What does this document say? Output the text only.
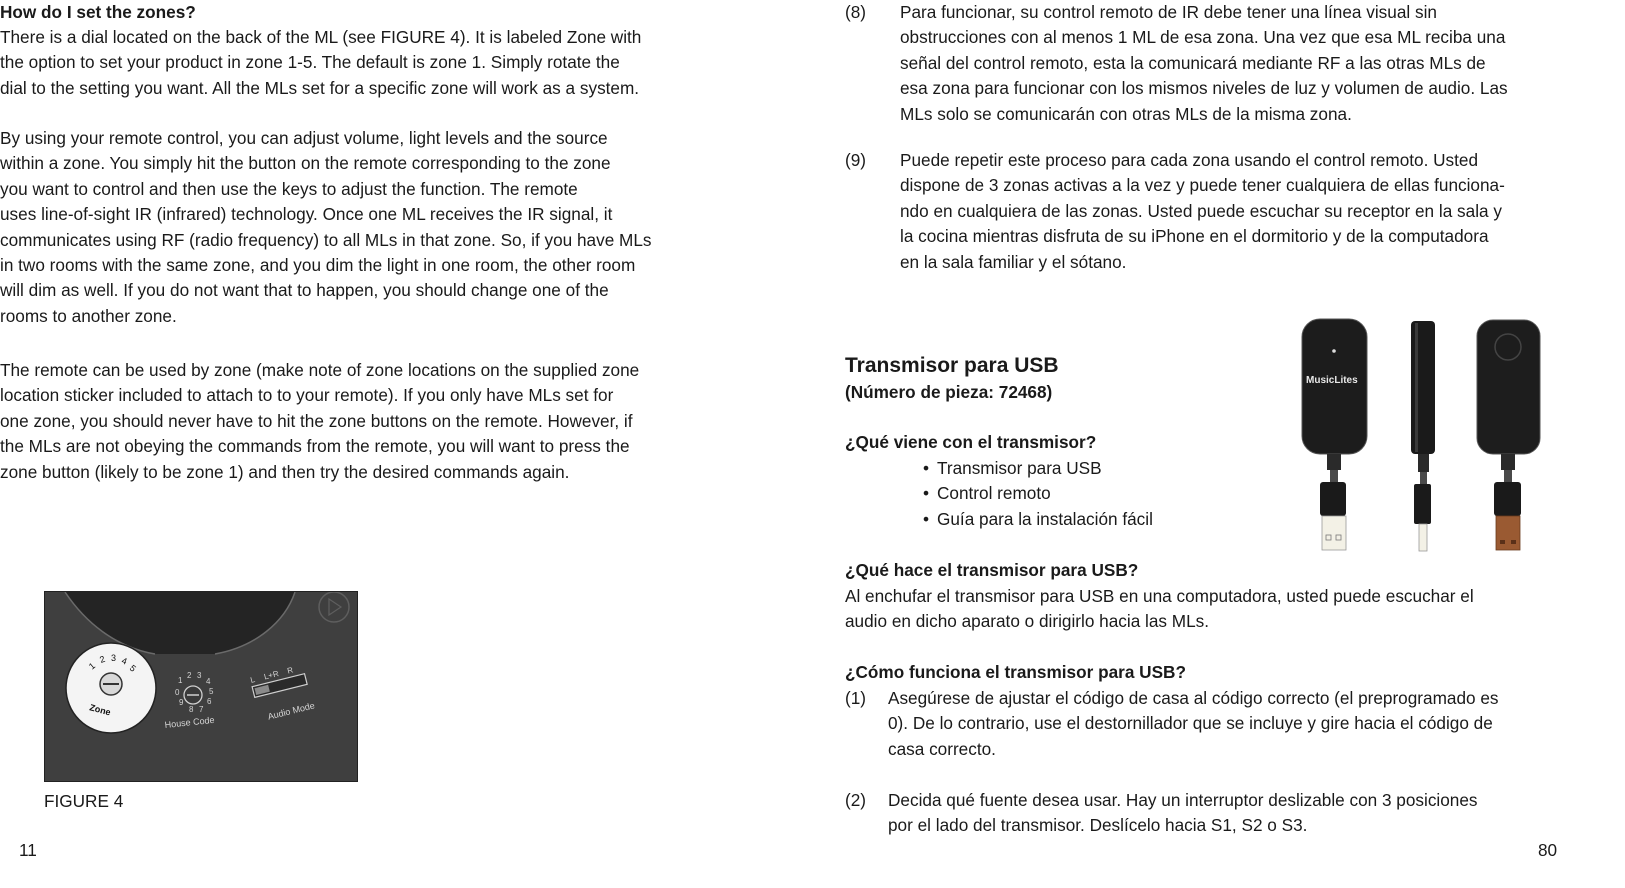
How do I set the zones?

There is a dial located on the back of the ML (see FIGURE 4). It is labeled Zone with
the option to set your product in zone 1-5. The default is zone 1. Simply rotate the
dial to the setting you want. All the MLs set for a specific zone will work as a system.
By using your remote control, you can adjust volume, light levels and the source
within a zone. You simply hit the button on the remote corresponding to the zone
you want to control and then use the keys to adjust the function. The remote
uses line-of-sight IR (infrared) technology. Once one ML receives the IR signal, it
communicates using RF (radio frequency) to all MLs in that zone. So, if you have MLs
in two rooms with the same zone, and you dim the light in one room, the other room
will dim as well. If you do not want that to happen, you should change one of the
rooms to another zone.
The remote can be used by zone (make note of zone locations on the supplied zone
location sticker included to attach to to your remote). If you only have MLs set for
one zone, you should never have to hit the zone buttons on the remote. However, if
the MLs are not obeying the commands from the remote, you will want to press the
zone button (likely to be zone 1) and then try the desired commands again.
1
2 3 4
5
Zone
1
2 3
4
5
6
7
8
9
0
House Code
L L+R R
Audio Mode

FIGURE 4

11

(8) Para funcionar, su control remoto de IR debe tener una línea visual sin
obstrucciones con al menos 1 ML de esa zona. Una vez que esa ML reciba una
señal del control remoto, esta la comunicará mediante RF a las otras MLs de
esa zona para funcionar con los mismos niveles de luz y volumen de audio. Las
MLs solo se comunicarán con otras MLs de la misma zona.

(9) Puede repetir este proceso para cada zona usando el control remoto. Usted
dispone de 3 zonas activas a la vez y puede tener cualquiera de ellas funciona-
ndo en cualquiera de las zonas. Usted puede escuchar su receptor en la sala y
la cocina mientras disfruta de su iPhone en el dormitorio y de la computadora
en la sala familiar y el sótano.

Transmisor para USB

(Número de pieza: 72468)

¿Qué viene con el transmisor?

• Transmisor para USB
• Control remoto
• Guía para la instalación fácil

¿Qué hace el transmisor para USB?

Al enchufar el transmisor para USB en una computadora, usted puede escuchar el
audio en dicho aparato o dirigirlo hacia las MLs.

¿Cómo funciona el transmisor para USB?

(1) Asegúrese de ajustar el código de casa al código correcto (el preprogramado es
0). De lo contrario, use el destornillador que se incluye y gire hacia el código de
casa correcto.

(2) Decida qué fuente desea usar. Hay un interruptor deslizable con 3 posiciones
por el lado del transmisor. Deslícelo hacia S1, S2 o S3.
MusicLites

80
